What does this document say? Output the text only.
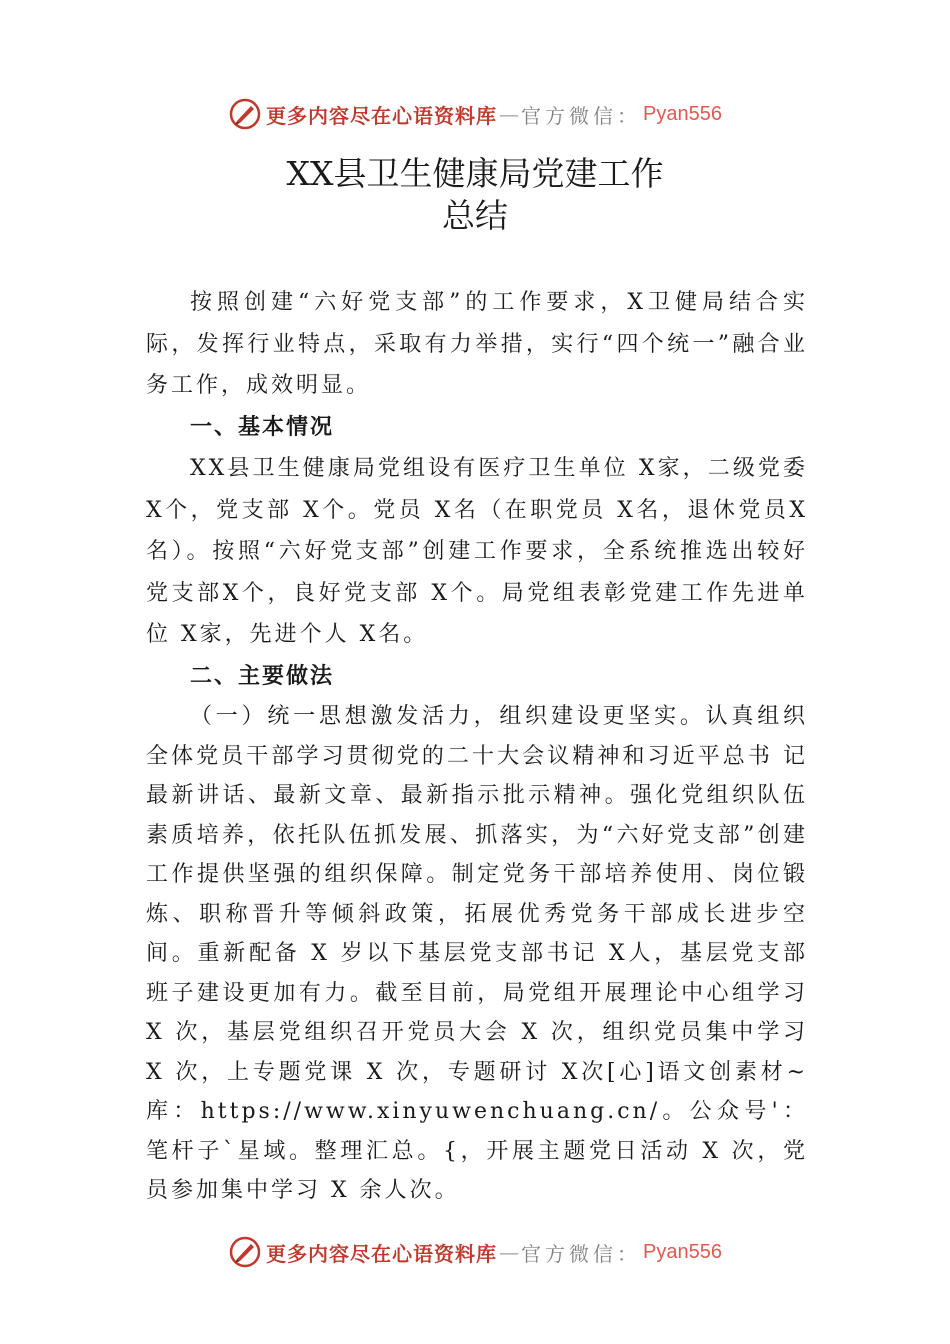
更多内容尽在心语资料库 — 官方微信： Pyan556
XX县卫生健康局党建工作
总结

按照创建“六好党支部”的工作要求，X卫健局结合实际，发挥行业特点，采取有力举措，实行“四个统一”融合业务工作，成效明显。

一、基本情况

XX县卫生健康局党组设有医疗卫生单位 X家，二级党委X个，党支部 X个。党员 X名（在职党员 X名，退休党员X名）。按照“六好党支部”创建工作要求，全系统推选出较好党支部X个，良好党支部 X个。局党组表彰党建工作先进单位 X家，先进个人 X名。

二、主要做法

（一）统一思想激发活力，组织建设更坚实。认真组织全体党员干部学习贯彻党的二十大会议精神和习近平总书 记最新讲话、最新文章、最新指示批示精神。强化党组织队伍素质培养，依托队伍抓发展、抓落实，为“六好党支部”创建工作提供坚强的组织保障。制定党务干部培养使用、岗位锻炼、职称晋升等倾斜政策，拓展优秀党务干部成长进步空间。重新配备 X 岁以下基层党支部书记 X人，基层党支部班子建设更加有力。截至目前，局党组开展理论中心组学习X 次，基层党组织召开党员大会 X 次，组织党员集中学习 X 次，上专题党课 X 次，专题研讨 X次[心]语文创素材~库：https://www.xinyuwenchuang.cn/。公众号'：笔杆子`星域。整理汇总。{，开展主题党日活动 X 次，党员参加集中学习 X 余人次。

更多内容尽在心语资料库 — 官方微信： Pyan556
